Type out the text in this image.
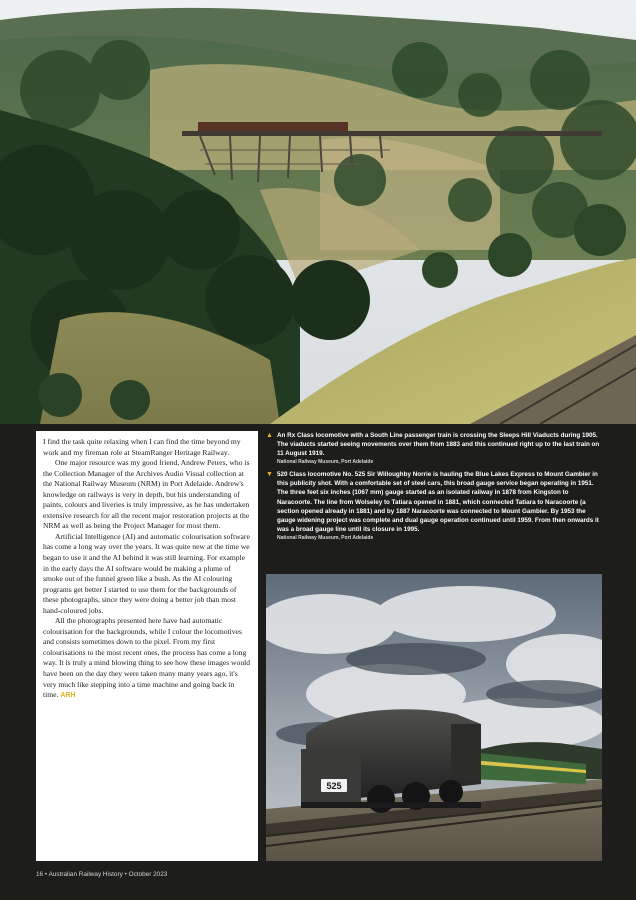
I find the task quite relaxing when I can find the time beyond my work and my fireman role at SteamRanger Heritage Railway.

One major resource was my good friend, Andrew Peters, who is the Collection Manager of the Archives Audio Visual collection at the National Railway Museum (NRM) in Port Adelaide. Andrew's knowledge on railways is very in depth, but his understanding of paints, colours and liveries is truly impressive, as he has undertaken extensive research for all the recent major restoration projects at the NRM as well as being the Project Manager for most them.

Artificial Intelligence (AI) and automatic colourisation software has come a long way over the years. It was quite new at the time we began to use it and the AI behind it was still learning. For example in the early days the AI software would be making a plume of smoke out of the funnel green like a bush. As the AI colouring programs get better I started to use them for the backgrounds of these photographs, since they were doing a better job than most hand-coloured jobs.

All the photographs presented here have had automatic colourisation for the backgrounds, while I colour the locomotives and consists sometimes down to the pixel. From my first colourisations to the most recent ones, the process has come a long way. It is truly a mind blowing thing to see how these images would have been on the day they were taken many many years ago, it's very much like stepping into a time machine and going back in time. ARH

▲ An Rx Class locomotive with a South Line passenger train is crossing the Sleeps Hill Viaducts during 1905. The viaducts started seeing movements over them from 1883 and this continued right up to the last train on 11 August 1919.
National Railway Museum, Port Adelaide
▼ 520 Class locomotive No. 525 Sir Willoughby Norrie is hauling the Blue Lakes Express to Mount Gambier in this publicity shot. With a comfortable set of steel cars, this broad gauge service began operating in 1951. The three feet six inches (1067 mm) gauge started as an isolated railway in 1878 from Kingston to Naracoorte. The line from Wolseley to Tatiara opened in 1881, which connected Tatiara to Naracoorte (a section opened already in 1881) and by 1887 Naracoorte was connected to Mount Gambier. By 1953 the gauge widening project was complete and dual gauge operation continued until 1959. From then onwards it was a broad gauge line until its closure in 1995.
National Railway Museum, Port Adelaide
525
16 • Australian Railway History • October 2023
